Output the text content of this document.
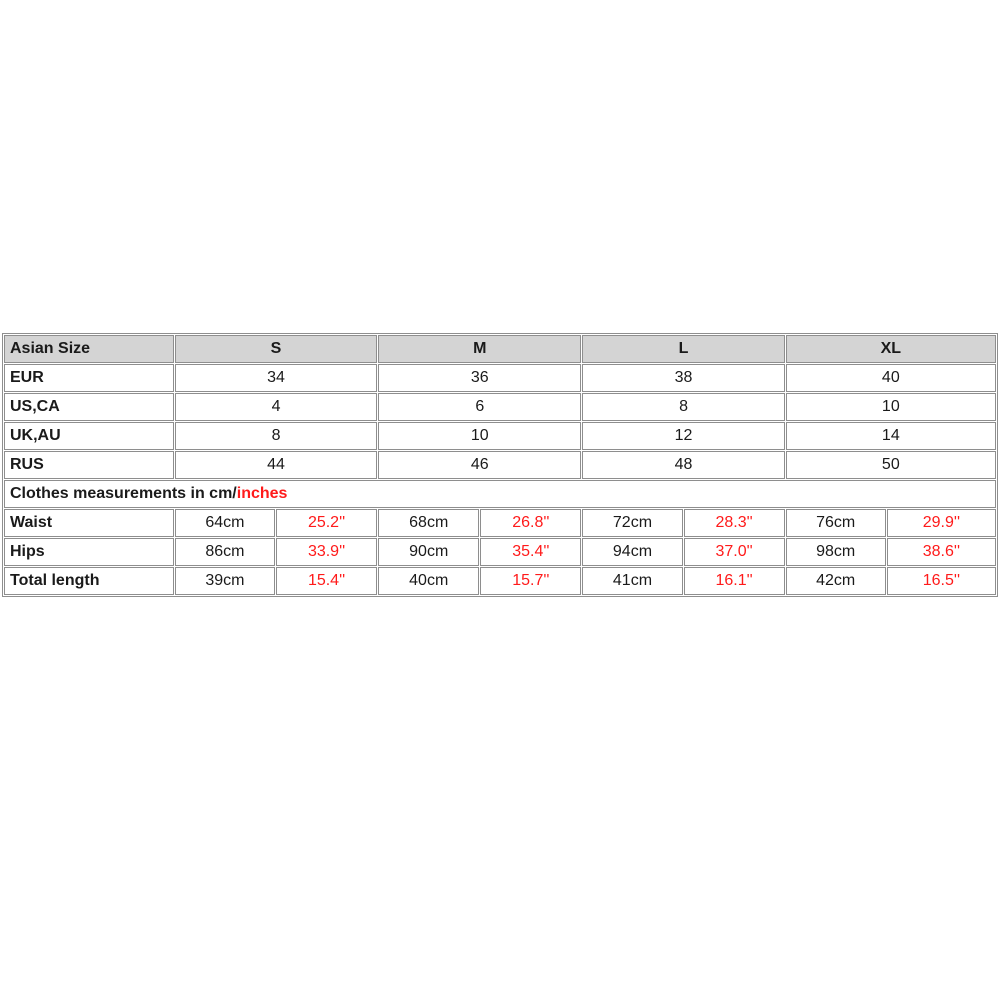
Asian Size	S		M		L		XL	
EUR	34		36		38		40	
US,CA	4		6		8		10	
UK,AU	8		10		12		14	
RUS	44		46		48		50	
Clothes measurements in cm/inches								
Waist	64cm	25.2''	68cm	26.8''	72cm	28.3''	76cm	29.9''
Hips	86cm	33.9''	90cm	35.4''	94cm	37.0''	98cm	38.6''
Total length	39cm	15.4''	40cm	15.7''	41cm	16.1''	42cm	16.5''
